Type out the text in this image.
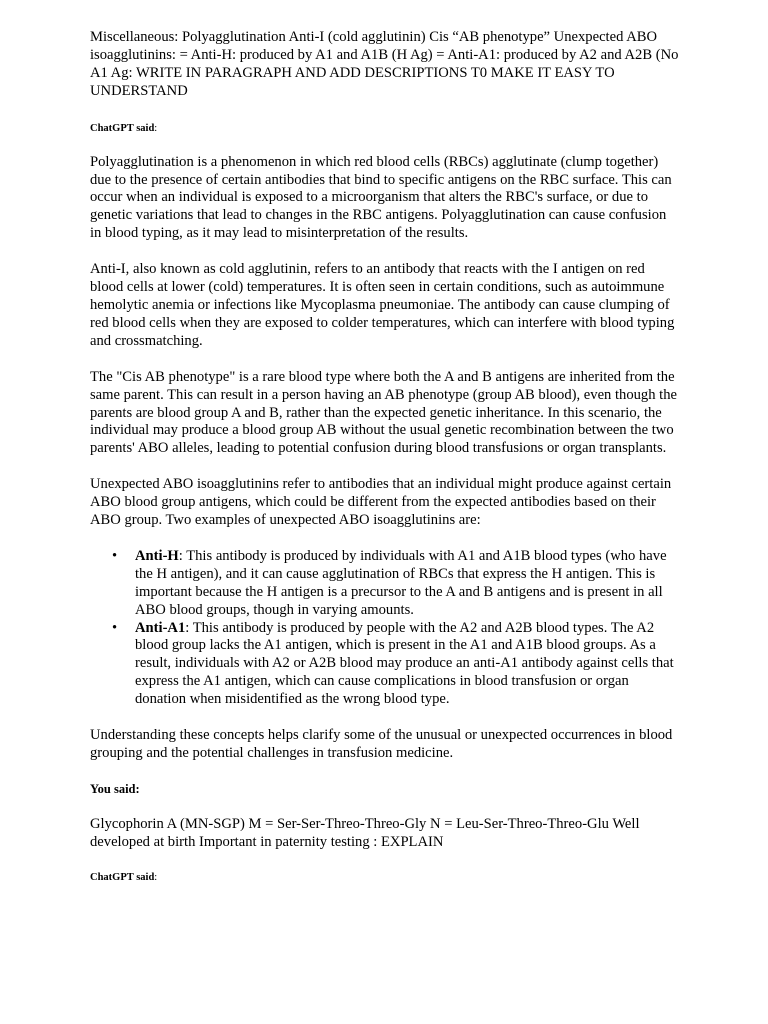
Miscellaneous: Polyagglutination Anti-I (cold agglutinin) Cis “AB phenotype” Unexpected ABO isoagglutinins: = Anti-H: produced by A1 and A1B (H Ag) = Anti-A1: produced by A2 and A2B (No A1 Ag: WRITE IN PARAGRAPH AND ADD DESCRIPTIONS T0 MAKE IT EASY TO UNDERSTAND

ChatGPT said:

Polyagglutination is a phenomenon in which red blood cells (RBCs) agglutinate (clump together) due to the presence of certain antibodies that bind to specific antigens on the RBC surface. This can occur when an individual is exposed to a microorganism that alters the RBC's surface, or due to genetic variations that lead to changes in the RBC antigens. Polyagglutination can cause confusion in blood typing, as it may lead to misinterpretation of the results.

Anti-I, also known as cold agglutinin, refers to an antibody that reacts with the I antigen on red blood cells at lower (cold) temperatures. It is often seen in certain conditions, such as autoimmune hemolytic anemia or infections like Mycoplasma pneumoniae. The antibody can cause clumping of red blood cells when they are exposed to colder temperatures, which can interfere with blood typing and crossmatching.

The "Cis AB phenotype" is a rare blood type where both the A and B antigens are inherited from the same parent. This can result in a person having an AB phenotype (group AB blood), even though the parents are blood group A and B, rather than the expected genetic inheritance. In this scenario, the individual may produce a blood group AB without the usual genetic recombination between the two parents' ABO alleles, leading to potential confusion during blood transfusions or organ transplants.

Unexpected ABO isoagglutinins refer to antibodies that an individual might produce against certain ABO blood group antigens, which could be different from the expected antibodies based on their ABO group. Two examples of unexpected ABO isoagglutinins are:

• Anti-H: This antibody is produced by individuals with A1 and A1B blood types (who have the H antigen), and it can cause agglutination of RBCs that express the H antigen. This is important because the H antigen is a precursor to the A and B antigens and is present in all ABO blood groups, though in varying amounts.
• Anti-A1: This antibody is produced by people with the A2 and A2B blood types. The A2 blood group lacks the A1 antigen, which is present in the A1 and A1B blood groups. As a result, individuals with A2 or A2B blood may produce an anti-A1 antibody against cells that express the A1 antigen, which can cause complications in blood transfusion or organ donation when misidentified as the wrong blood type.

Understanding these concepts helps clarify some of the unusual or unexpected occurrences in blood grouping and the potential challenges in transfusion medicine.

You said:

Glycophorin A (MN-SGP) M = Ser-Ser-Threo-Threo-Gly N = Leu-Ser-Threo-Threo-Glu Well developed at birth Important in paternity testing : EXPLAIN

ChatGPT said:
